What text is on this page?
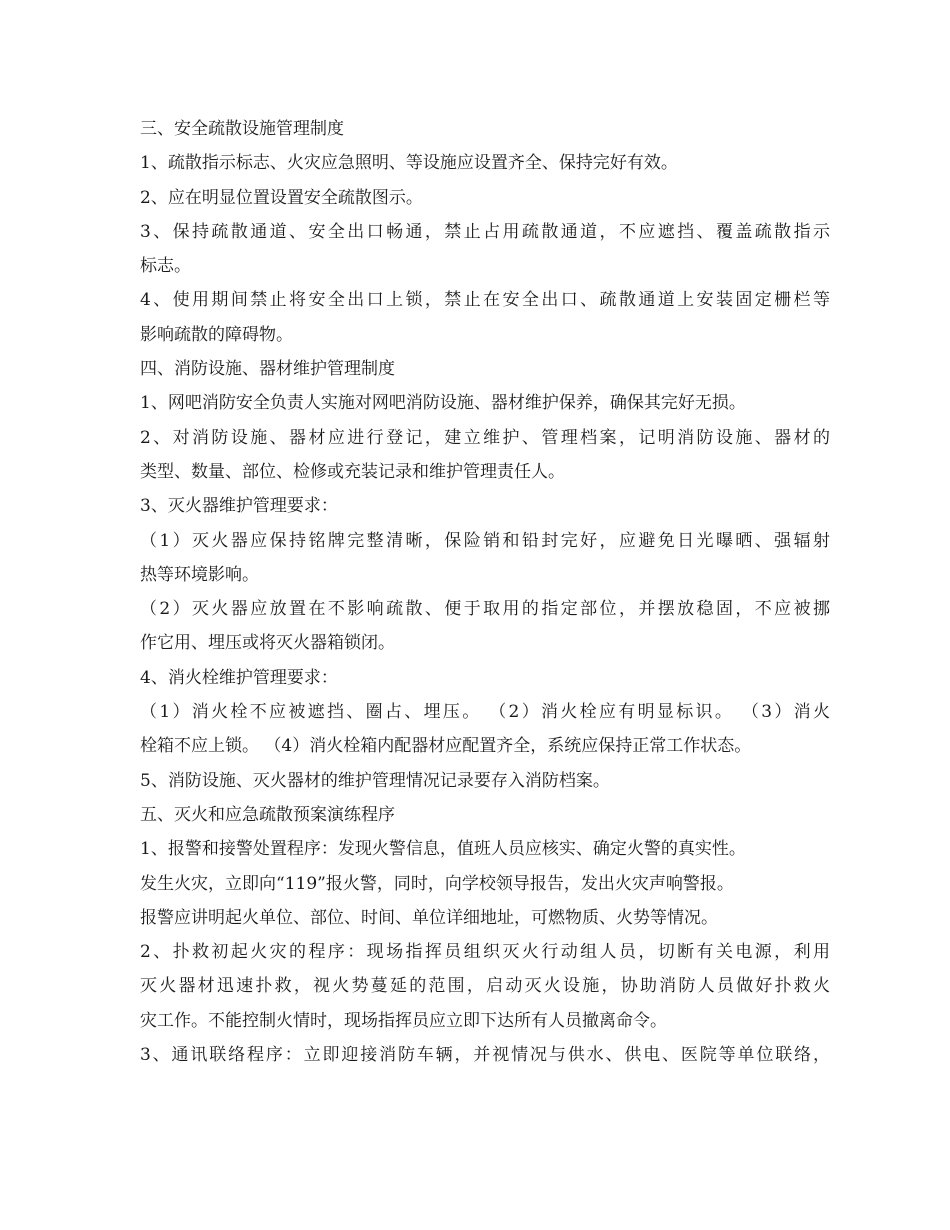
三、安全疏散设施管理制度
1、疏散指示标志、火灾应急照明、等设施应设置齐全、保持完好有效。
2、应在明显位置设置安全疏散图示。
3、保持疏散通道、安全出口畅通，禁止占用疏散通道，不应遮挡、覆盖疏散指示
标志。
4、使用期间禁止将安全出口上锁，禁止在安全出口、疏散通道上安装固定栅栏等
影响疏散的障碍物。
四、消防设施、器材维护管理制度
1、网吧消防安全负责人实施对网吧消防设施、器材维护保养，确保其完好无损。
2、对消防设施、器材应进行登记，建立维护、管理档案，记明消防设施、器材的
类型、数量、部位、检修或充装记录和维护管理责任人。
3、灭火器维护管理要求：
（1）灭火器应保持铭牌完整清晰，保险销和铅封完好，应避免日光曝晒、强辐射
热等环境影响。
（2）灭火器应放置在不影响疏散、便于取用的指定部位，并摆放稳固，不应被挪
作它用、埋压或将灭火器箱锁闭。
4、消火栓维护管理要求：
（1）消火栓不应被遮挡、圈占、埋压。 （2）消火栓应有明显标识。 （3）消火
栓箱不应上锁。 （4）消火栓箱内配器材应配置齐全，系统应保持正常工作状态。
5、消防设施、灭火器材的维护管理情况记录要存入消防档案。
五、灭火和应急疏散预案演练程序
1、报警和接警处置程序：发现火警信息，值班人员应核实、确定火警的真实性。
发生火灾，立即向“119”报火警，同时，向学校领导报告，发出火灾声响警报。
报警应讲明起火单位、部位、时间、单位详细地址，可燃物质、火势等情况。
2、扑救初起火灾的程序：现场指挥员组织灭火行动组人员，切断有关电源，利用
灭火器材迅速扑救，视火势蔓延的范围，启动灭火设施，协助消防人员做好扑救火
灾工作。不能控制火情时，现场指挥员应立即下达所有人员撤离命令。
3、通讯联络程序：立即迎接消防车辆，并视情况与供水、供电、医院等单位联络，
